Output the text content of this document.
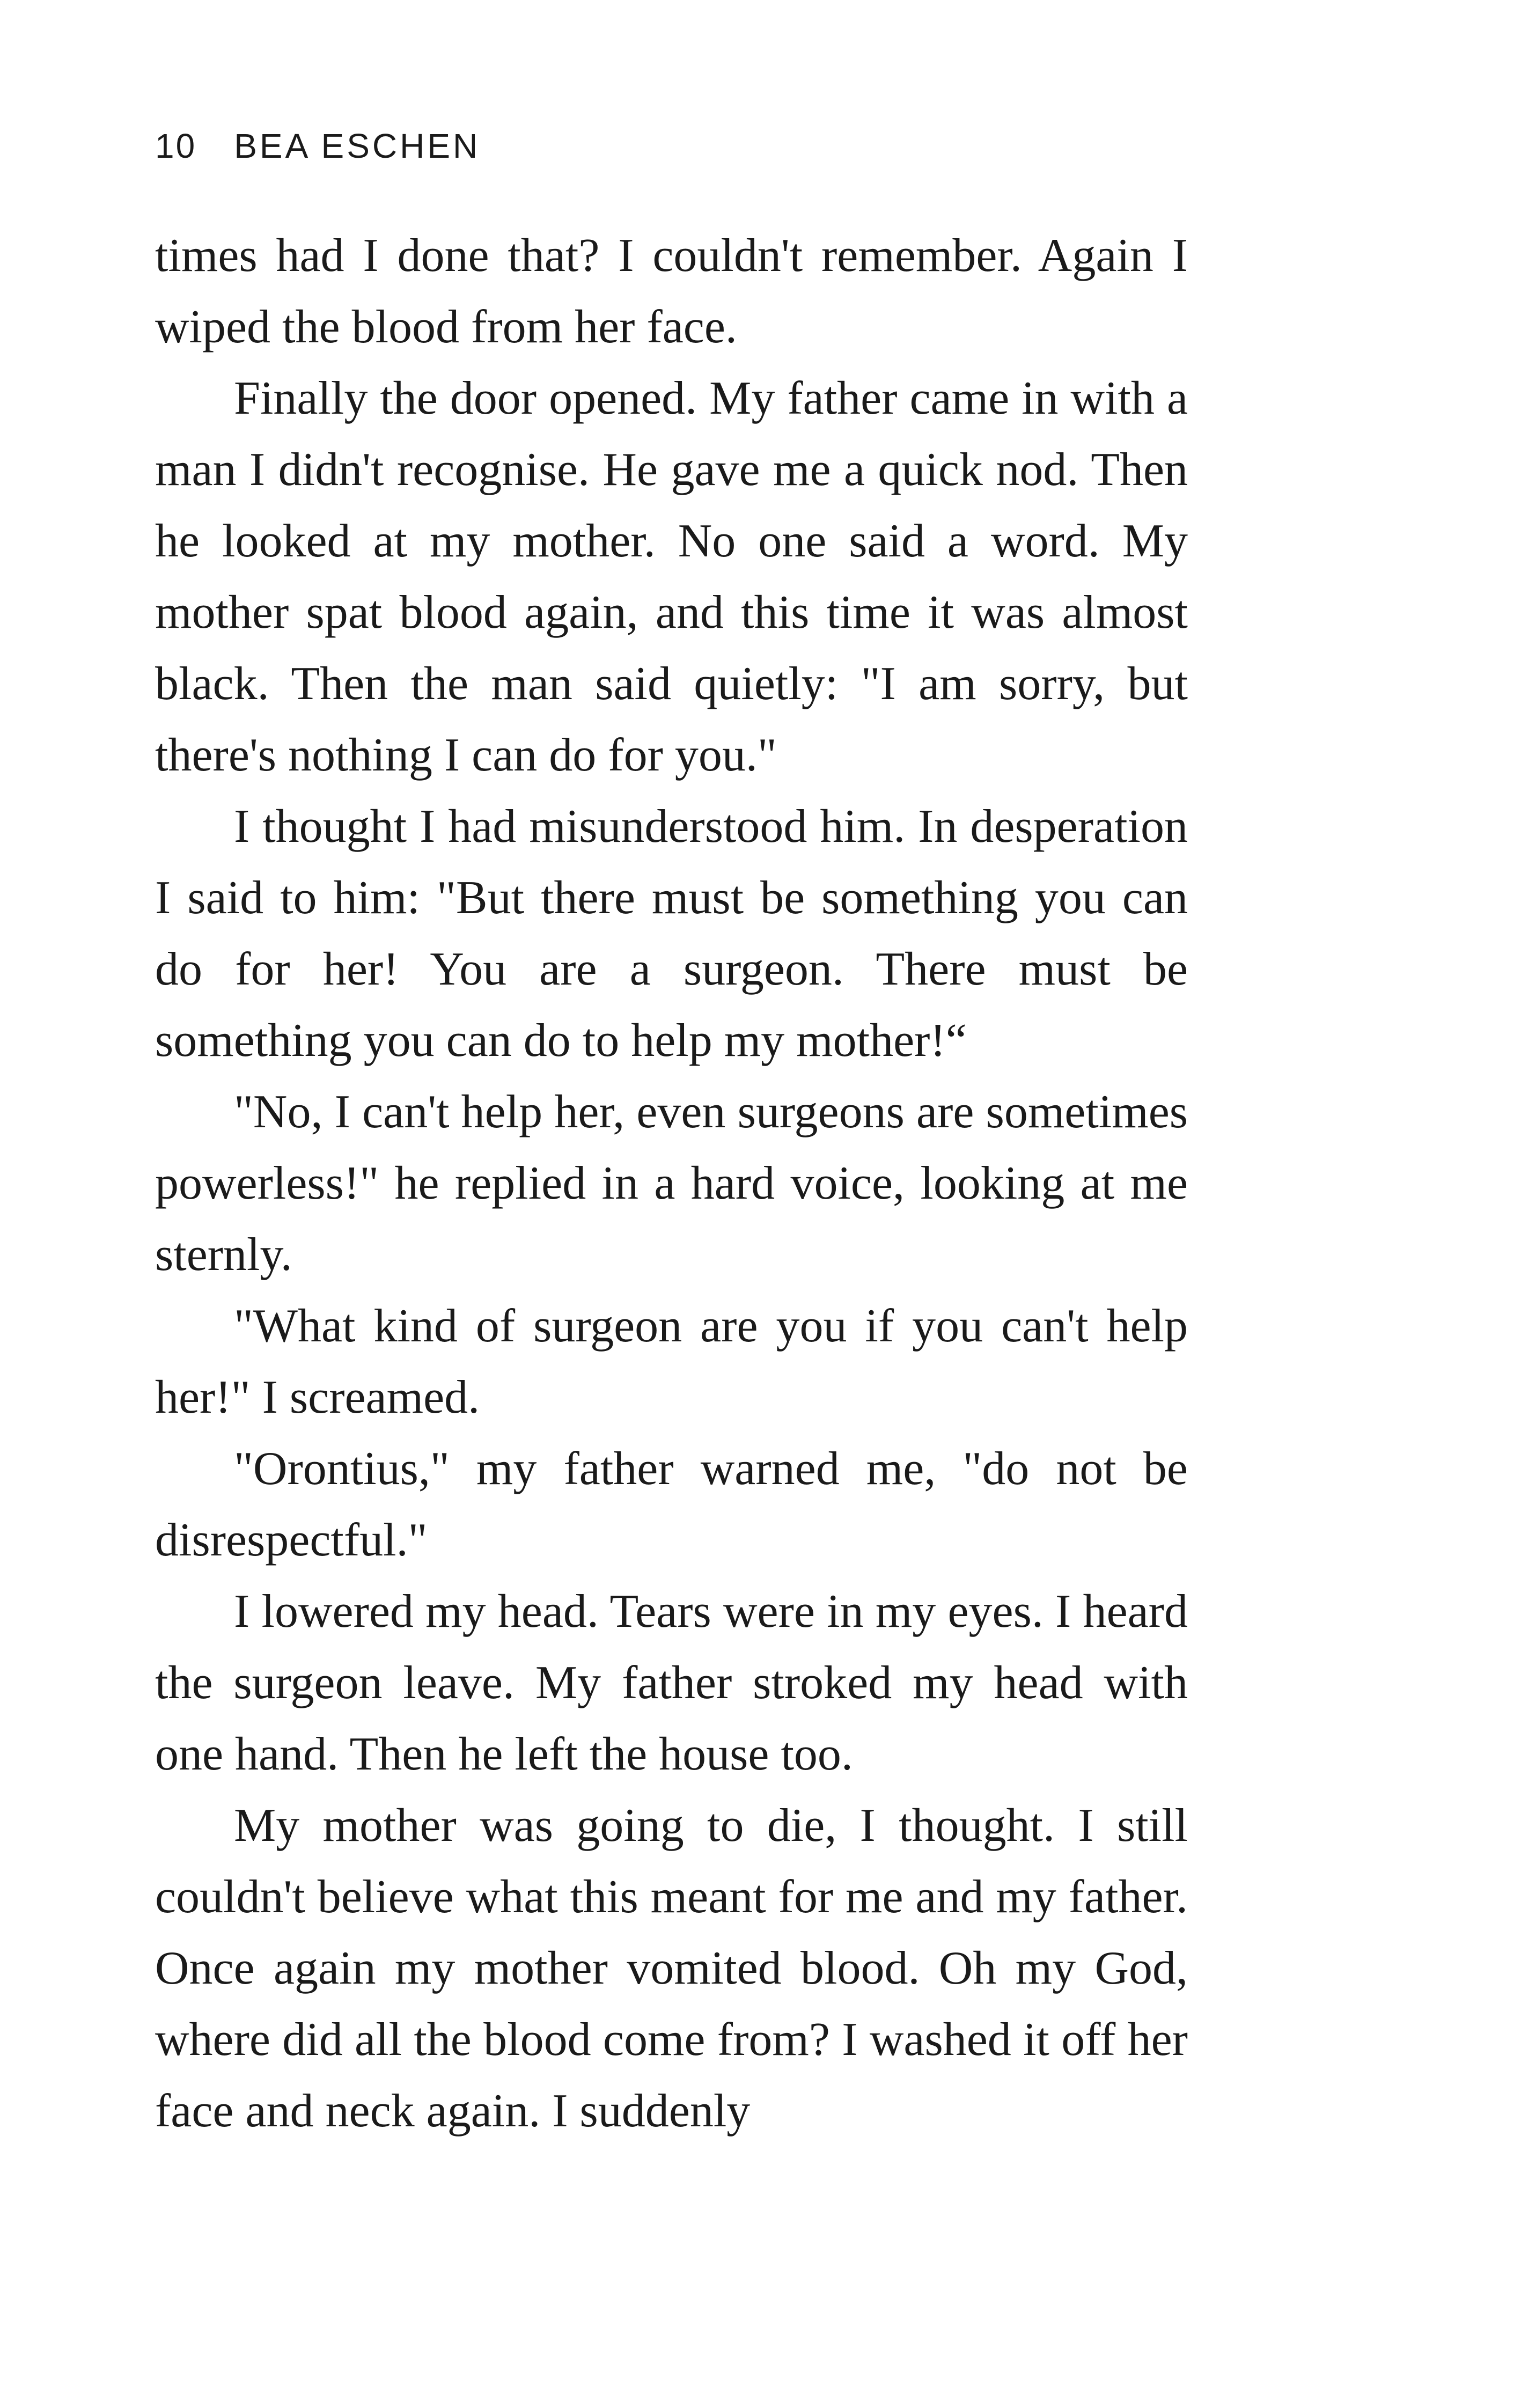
10 BEA ESCHEN

times had I done that? I couldn't remember. Again I wiped the blood from her face.

Finally the door opened. My father came in with a man I didn't recognise. He gave me a quick nod. Then he looked at my mother. No one said a word. My mother spat blood again, and this time it was almost black. Then the man said quietly: "I am sorry, but there's nothing I can do for you."

I thought I had misunderstood him. In desperation I said to him: "But there must be something you can do for her! You are a surgeon. There must be something you can do to help my mother!“

"No, I can't help her, even surgeons are sometimes powerless!" he replied in a hard voice, looking at me sternly.

"What kind of surgeon are you if you can't help her!" I screamed.

"Orontius," my father warned me, "do not be disrespectful."

I lowered my head. Tears were in my eyes. I heard the surgeon leave. My father stroked my head with one hand. Then he left the house too.

My mother was going to die, I thought. I still couldn't believe what this meant for me and my father. Once again my mother vomited blood. Oh my God, where did all the blood come from? I washed it off her face and neck again. I suddenly
